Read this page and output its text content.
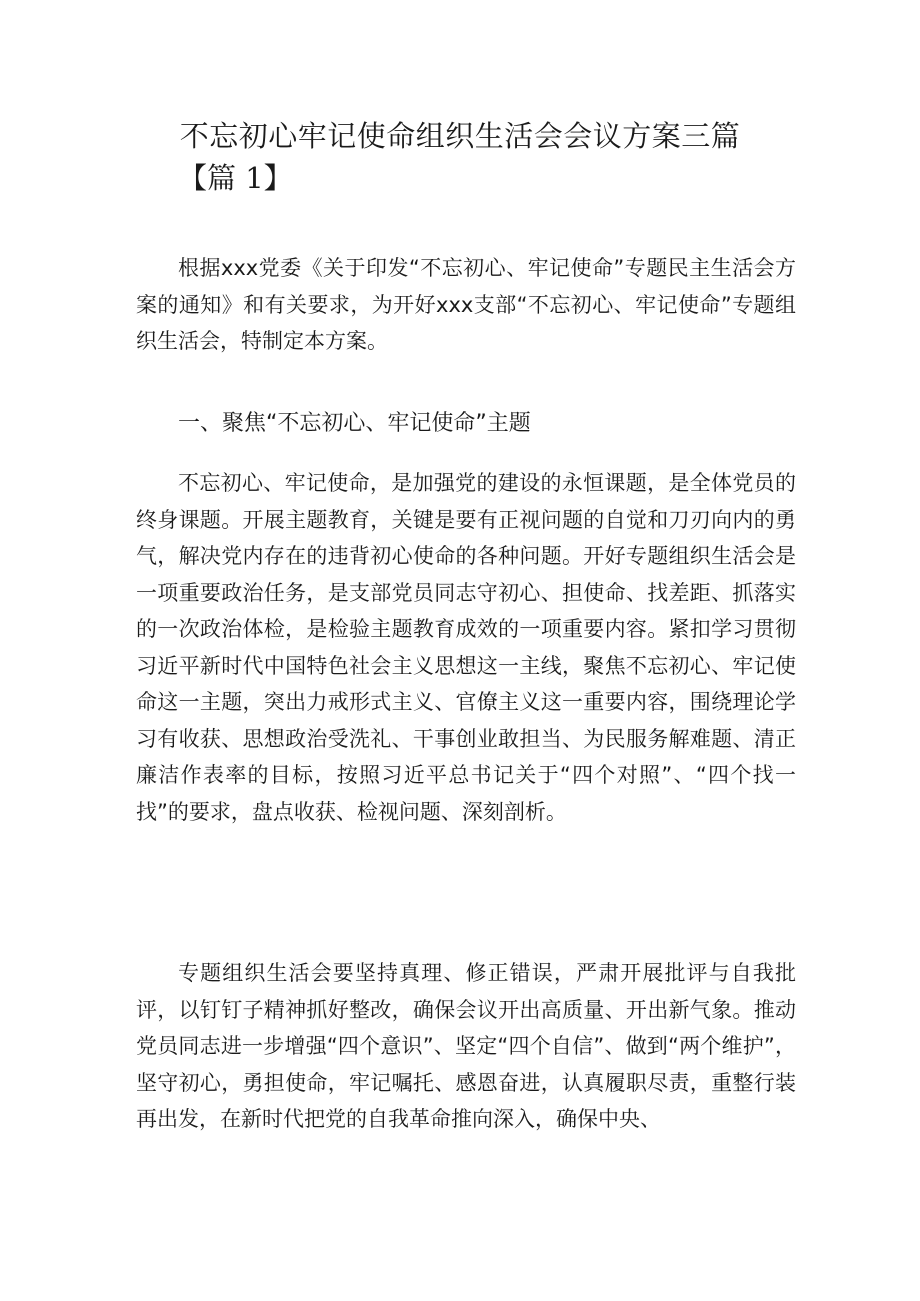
不忘初心牢记使命组织生活会会议方案三篇
【篇 1】

根据xxx党委《关于印发“不忘初心、牢记使命”专题民主生活会方案的通知》和有关要求，为开好xxx支部“不忘初心、牢记使命”专题组织生活会，特制定本方案。

一、聚焦“不忘初心、牢记使命”主题

不忘初心、牢记使命，是加强党的建设的永恒课题，是全体党员的终身课题。开展主题教育，关键是要有正视问题的自觉和刀刃向内的勇气，解决党内存在的违背初心使命的各种问题。开好专题组织生活会是一项重要政治任务，是支部党员同志守初心、担使命、找差距、抓落实的一次政治体检，是检验主题教育成效的一项重要内容。紧扣学习贯彻习近平新时代中国特色社会主义思想这一主线，聚焦不忘初心、牢记使命这一主题，突出力戒形式主义、官僚主义这一重要内容，围绕理论学习有收获、思想政治受洗礼、干事创业敢担当、为民服务解难题、清正廉洁作表率的目标，按照习近平总书记关于“四个对照”、“四个找一找”的要求，盘点收获、检视问题、深刻剖析。

专题组织生活会要坚持真理、修正错误，严肃开展批评与自我批评，以钉钉子精神抓好整改，确保会议开出高质量、开出新气象。推动党员同志进一步增强“四个意识”、坚定“四个自信”、做到“两个维护”，坚守初心，勇担使命，牢记嘱托、感恩奋进，认真履职尽责，重整行装再出发，在新时代把党的自我革命推向深入，确保中央、
